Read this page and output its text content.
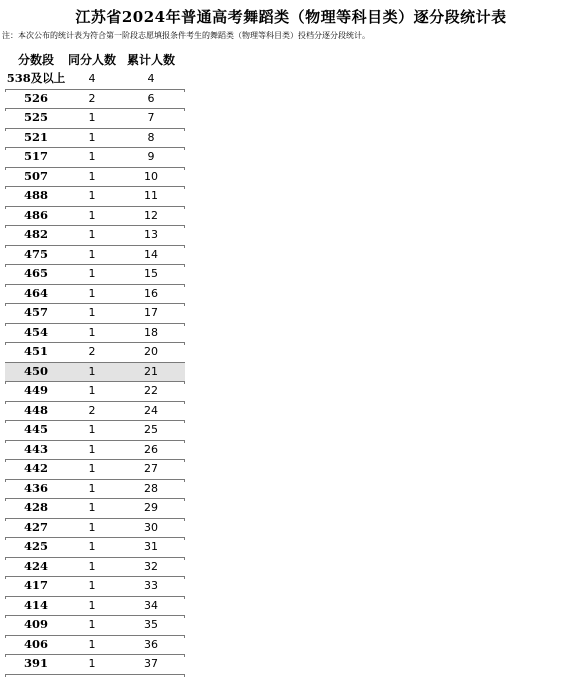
江苏省2024年普通高考舞蹈类（物理等科目类）逐分段统计表
注：本次公布的统计表为符合第一阶段志愿填报条件考生的舞蹈类（物理等科目类）投档分逐分段统计。
分数段	同分人数 累计人数
538及以上	4	4
526	2	6
525	1	7
521	1	8
517	1	9
507	1	10
488	1	11
486	1	12
482	1	13
475	1	14
465	1	15
464	1	16
457	1	17
454	1	18
451	2	20
450	1	21
449	1	22
448	2	24
445	1	25
443	1	26
442	1	27
436	1	28
428	1	29
427	1	30
425	1	31
424	1	32
417	1	33
414	1	34
409	1	35
406	1	36
391	1	37
